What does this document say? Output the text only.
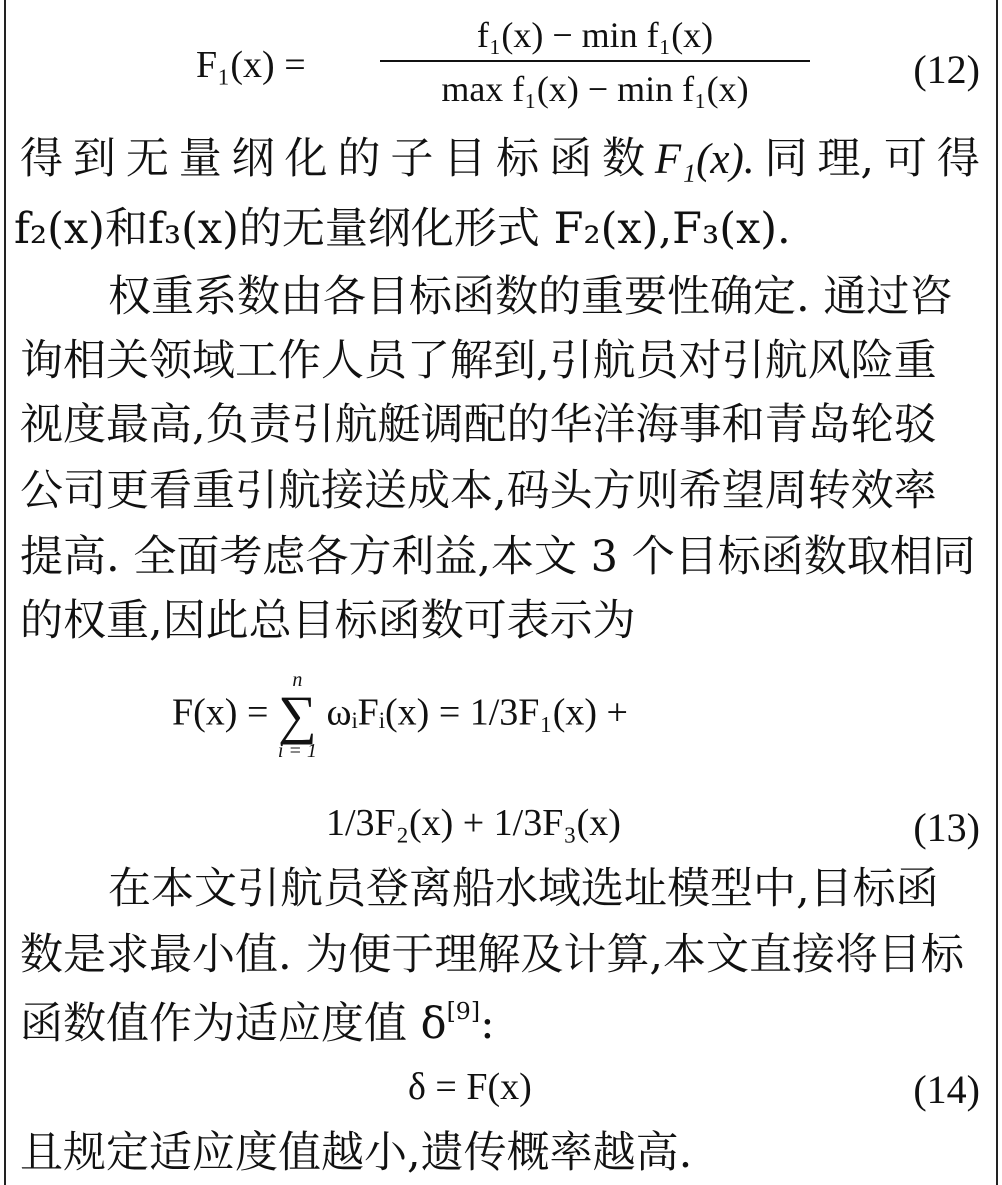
F₁(x) =
f₁(x) − min f₁(x)
max f₁(x) − min f₁(x)	(12)
得 到 无 量 纲 化 的 子 目 标 函 数 F₁(x). 同 理, 可 得
f₂(x)和f₃(x)的无量纲化形式 F₂(x),F₃(x).
权重系数由各目标函数的重要性确定. 通过咨
询相关领域工作人员了解到,引航员对引航风险重
视度最高,负责引航艇调配的华洋海事和青岛轮驳
公司更看重引航接送成本,码头方则希望周转效率
提高. 全面考虑各方利益,本文 3 个目标函数取相同
的权重,因此总目标函数可表示为
F(x) =
n
∑
i = 1
ωᵢFᵢ(x) = 1/3F₁(x) +
1/3F₂(x) + 1/3F₃(x)	(13)
在本文引航员登离船水域选址模型中,目标函
数是求最小值. 为便于理解及计算,本文直接将目标
函数值作为适应度值 δ[9]:
δ = F(x)	(14)
且规定适应度值越小,遗传概率越高.
